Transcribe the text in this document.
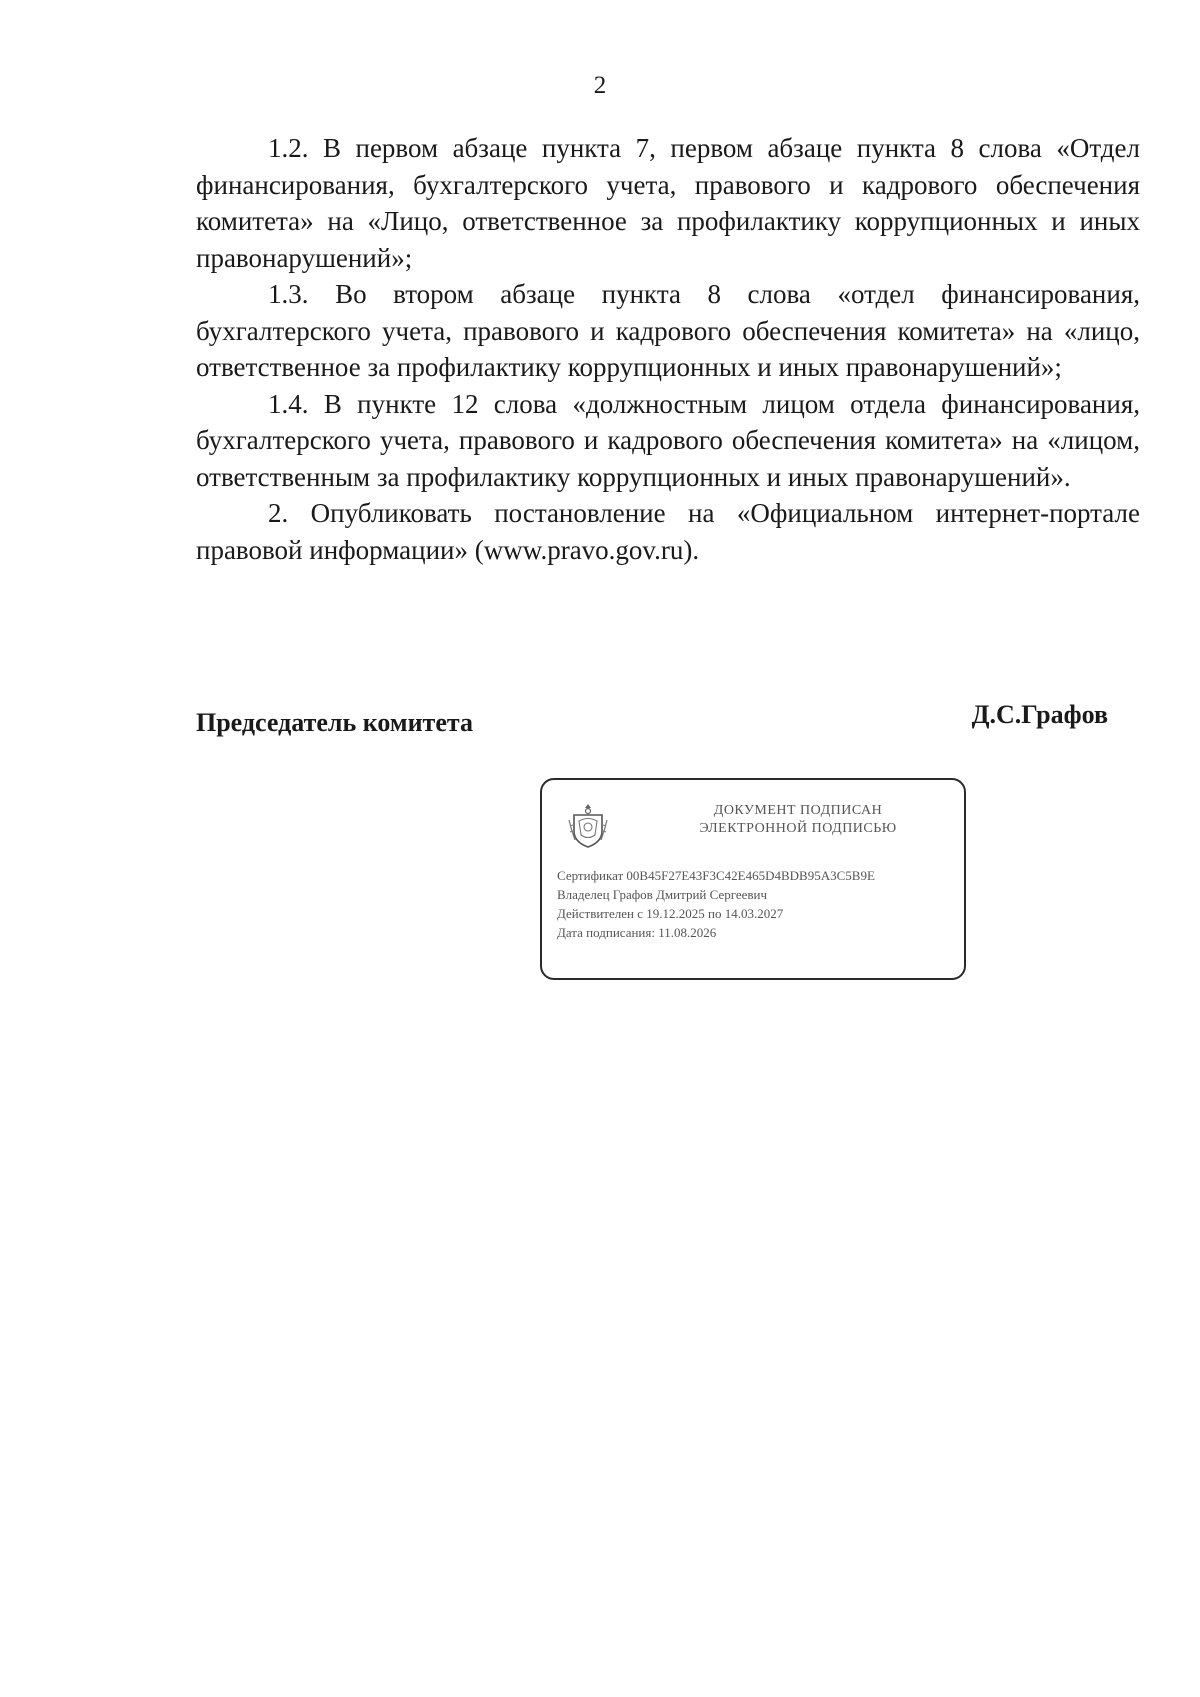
2

1.2. В первом абзаце пункта 7, первом абзаце пункта 8 слова «Отдел финансирования, бухгалтерского учета, правового и кадрового обеспечения комитета» на «Лицо, ответственное за профилактику коррупционных и иных правонарушений»;

1.3. Во втором абзаце пункта 8 слова «отдел финансирования, бухгалтерского учета, правового и кадрового обеспечения комитета» на «лицо, ответственное за профилактику коррупционных и иных правонарушений»;

1.4. В пункте 12 слова «должностным лицом отдела финансирования, бухгалтерского учета, правового и кадрового обеспечения комитета» на «лицом, ответственным за профилактику коррупционных и иных правонарушений».

2. Опубликовать постановление на «Официальном интернет-портале правовой информации» (www.pravo.gov.ru).

Председатель комитета	Д.С.Графов
ДОКУМЕНТ ПОДПИСАН
ЭЛЕКТРОННОЙ ПОДПИСЬЮ
Сертификат 00B45F27E43F3C42E465D4BDB95A3C5B9E
Владелец Графов Дмитрий Сергеевич
Действителен с 19.12.2025 по 14.03.2027
Дата подписания: 11.08.2026
